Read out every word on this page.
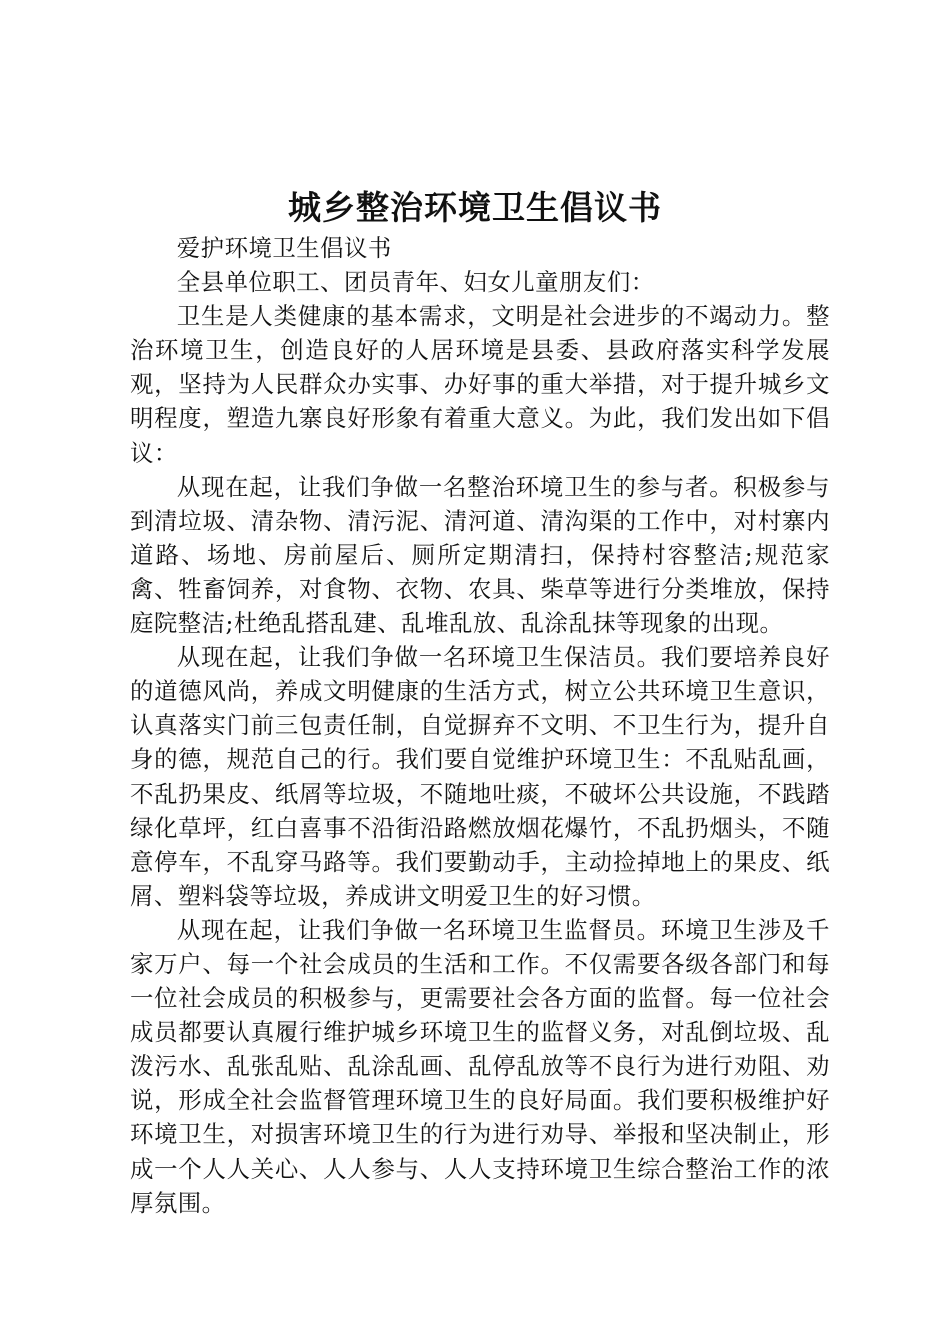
城乡整治环境卫生倡议书

爱护环境卫生倡议书

全县单位职工、团员青年、妇女儿童朋友们：

卫生是人类健康的基本需求，文明是社会进步的不竭动力。整治环境卫生，创造良好的人居环境是县委、县政府落实科学发展观，坚持为人民群众办实事、办好事的重大举措，对于提升城乡文明程度，塑造九寨良好形象有着重大意义。为此，我们发出如下倡议：

从现在起，让我们争做一名整治环境卫生的参与者。积极参与到清垃圾、清杂物、清污泥、清河道、清沟渠的工作中，对村寨内道路、场地、房前屋后、厕所定期清扫，保持村容整洁;规范家禽、牲畜饲养，对食物、衣物、农具、柴草等进行分类堆放，保持庭院整洁;杜绝乱搭乱建、乱堆乱放、乱涂乱抹等现象的出现。

从现在起，让我们争做一名环境卫生保洁员。我们要培养良好的道德风尚，养成文明健康的生活方式，树立公共环境卫生意识，认真落实门前三包责任制，自觉摒弃不文明、不卫生行为，提升自身的德，规范自己的行。我们要自觉维护环境卫生：不乱贴乱画，不乱扔果皮、纸屑等垃圾，不随地吐痰，不破坏公共设施，不践踏绿化草坪，红白喜事不沿街沿路燃放烟花爆竹，不乱扔烟头，不随意停车，不乱穿马路等。我们要勤动手，主动捡掉地上的果皮、纸屑、塑料袋等垃圾，养成讲文明爱卫生的好习惯。

从现在起，让我们争做一名环境卫生监督员。环境卫生涉及千家万户、每一个社会成员的生活和工作。不仅需要各级各部门和每一位社会成员的积极参与，更需要社会各方面的监督。每一位社会成员都要认真履行维护城乡环境卫生的监督义务，对乱倒垃圾、乱泼污水、乱张乱贴、乱涂乱画、乱停乱放等不良行为进行劝阻、劝说，形成全社会监督管理环境卫生的良好局面。我们要积极维护好环境卫生，对损害环境卫生的行为进行劝导、举报和坚决制止，形成一个人人关心、人人参与、人人支持环境卫生综合整治工作的浓厚氛围。
